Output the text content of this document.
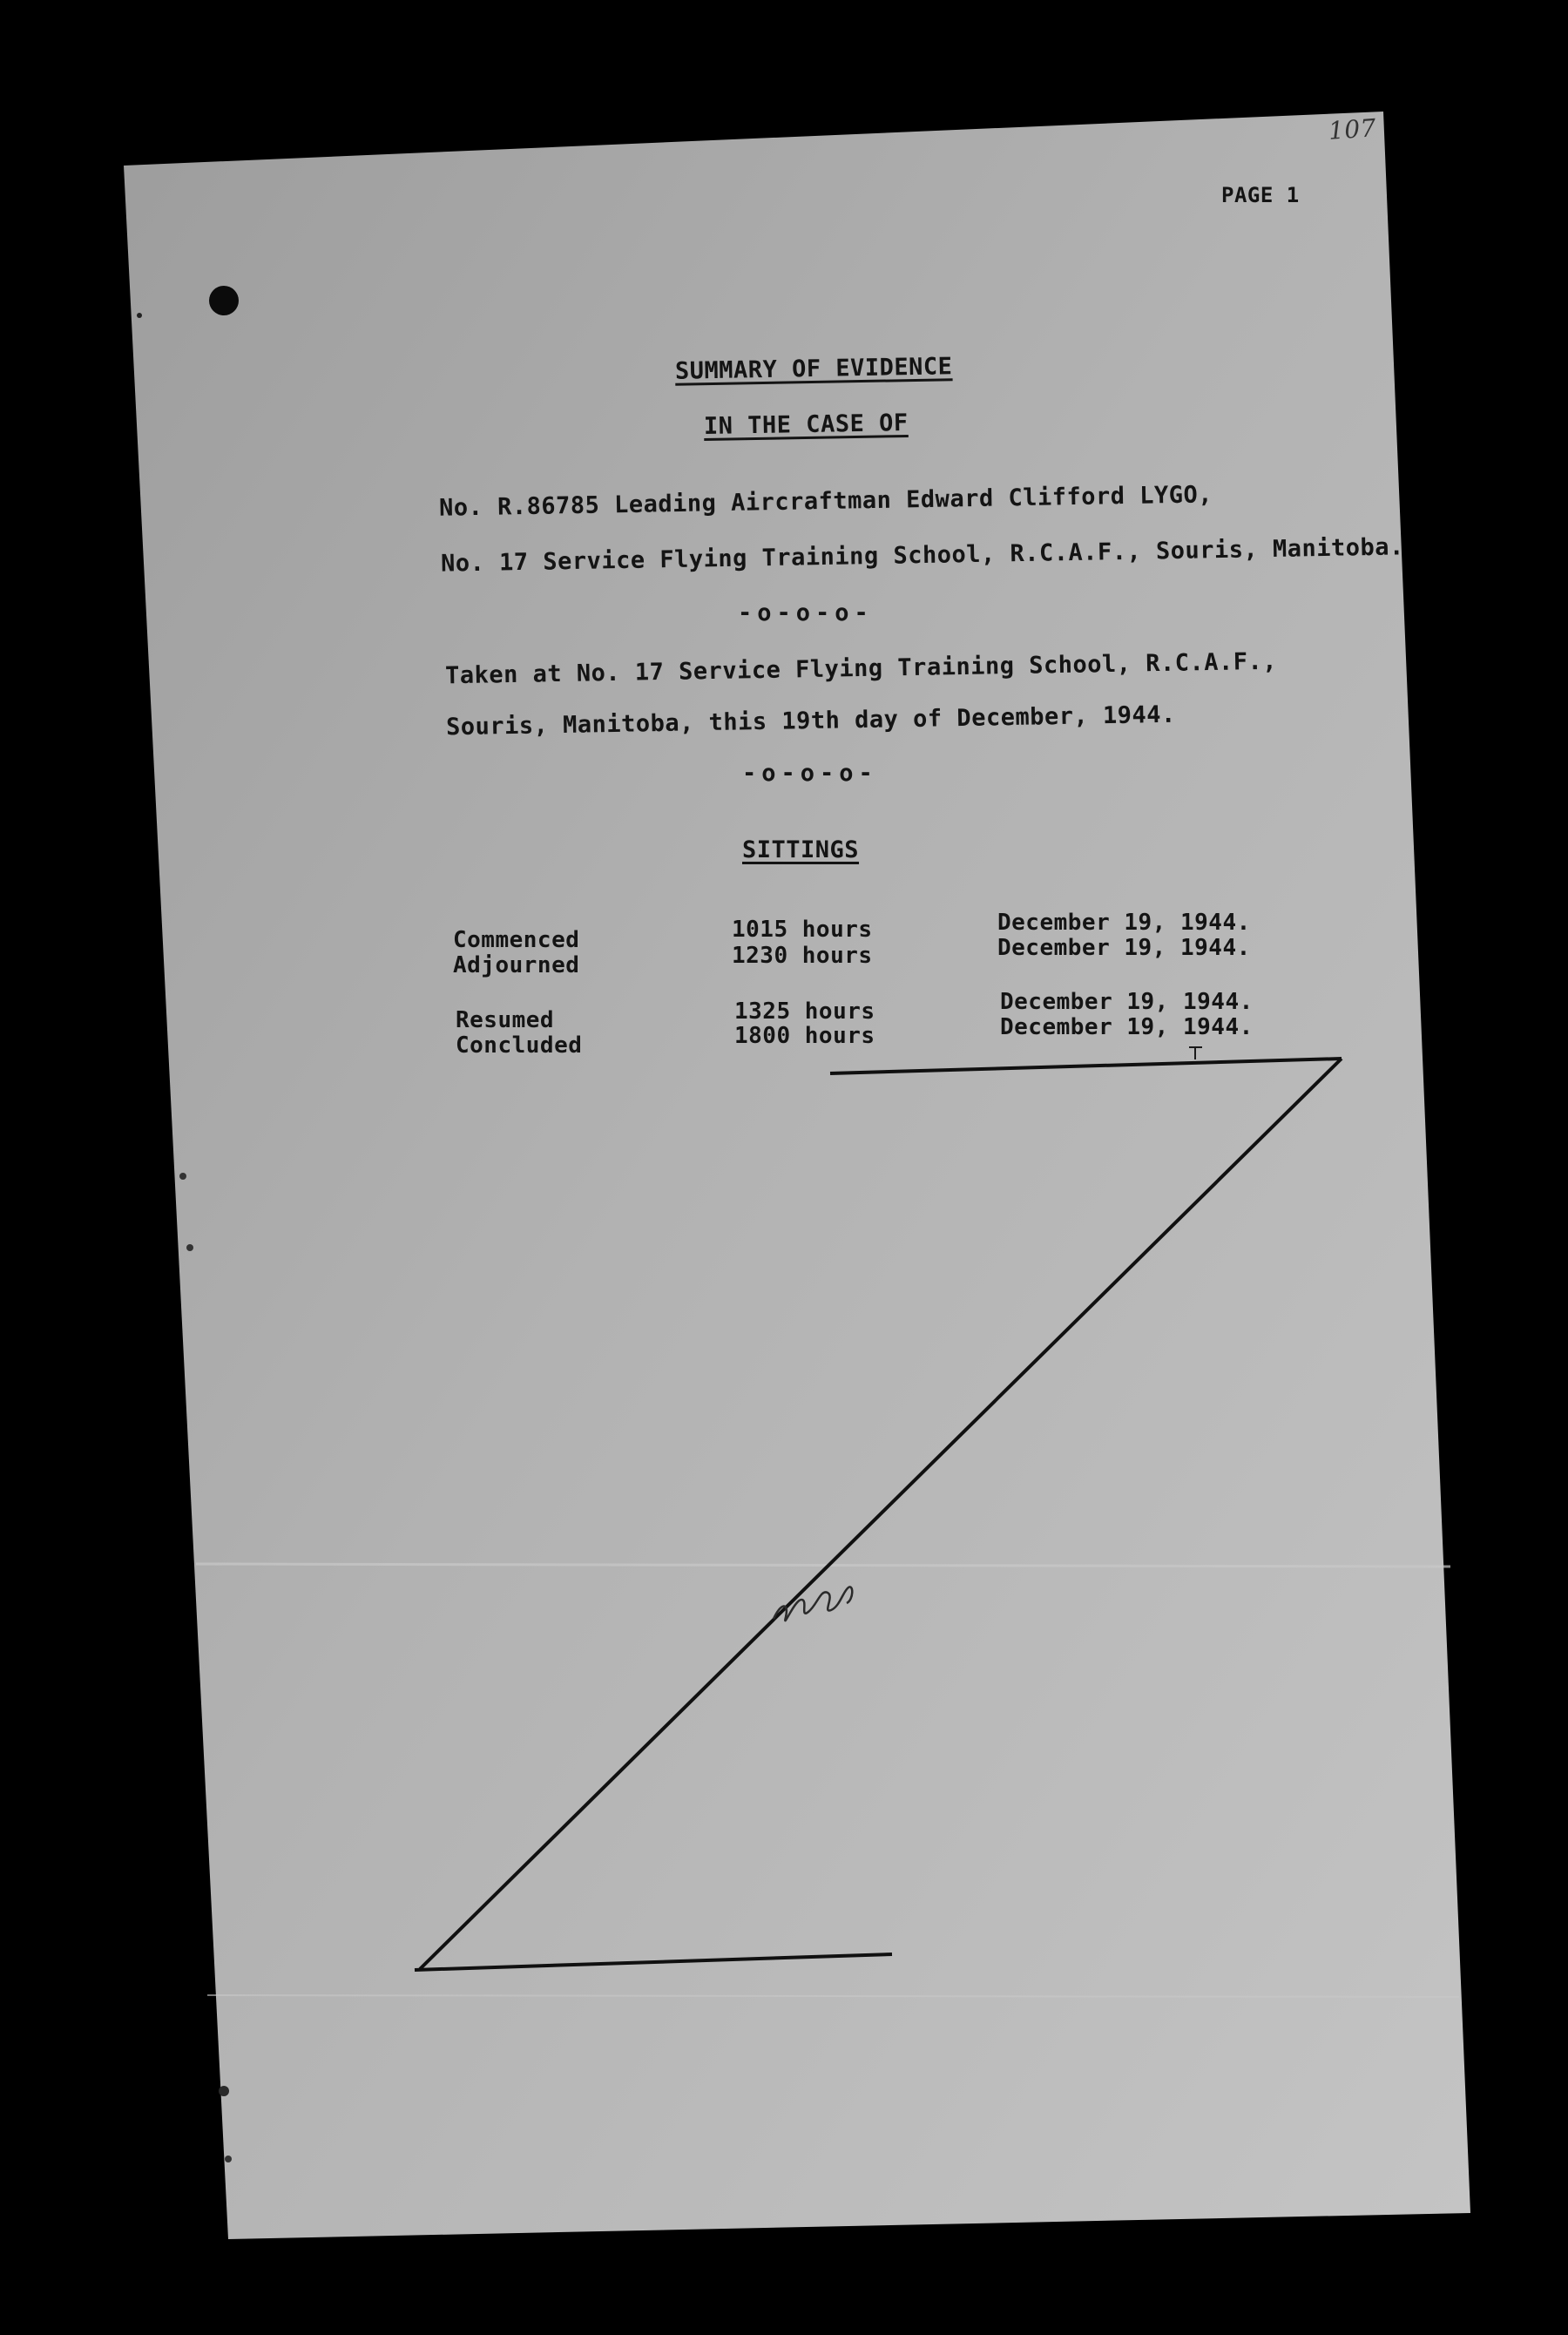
107
PAGE 1
SUMMARY OF EVIDENCE
IN THE CASE OF
No. R.86785 Leading Aircraftman Edward Clifford LYGO,
No. 17 Service Flying Training School, R.C.A.F., Souris, Manitoba.
-o-o-o-
Taken at No. 17 Service Flying Training School, R.C.A.F.,
Souris, Manitoba, this 19th day of December, 1944.
-o-o-o-
SITTINGS
Commenced	1015 hours	December 19, 1944.
Adjourned	1230 hours	December 19, 1944.
Resumed	1325 hours	December 19, 1944.
Concluded	1800 hours	December 19, 1944.
